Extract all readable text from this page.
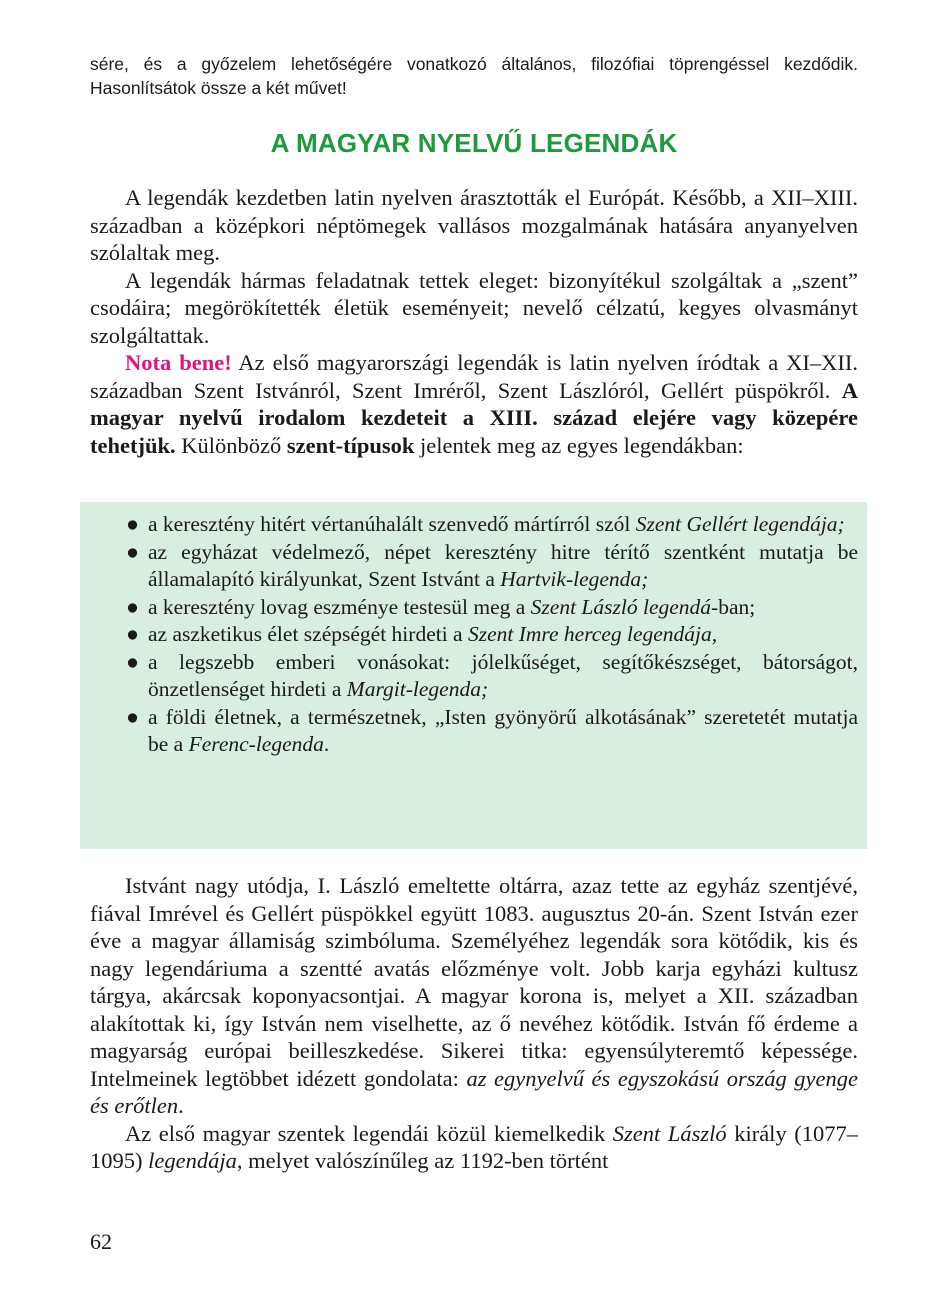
sére, és a győzelem lehetőségére vonatkozó általános, filozófiai töprengéssel kezdődik. Hasonlítsátok össze a két művet!

A MAGYAR NYELVŰ LEGENDÁK

A legendák kezdetben latin nyelven árasztották el Európát. Később, a XII–XIII. században a középkori néptömegek vallásos mozgalmának hatására anyanyelven szólaltak meg.

A legendák hármas feladatnak tettek eleget: bizonyítékul szolgáltak a „szent” csodáira; megörökítették életük eseményeit; nevelő célzatú, kegyes olvasmányt szolgáltattak.

Nota bene! Az első magyarországi legendák is latin nyelven íródtak a XI–XII. században Szent Istvánról, Szent Imréről, Szent Lászlóról, Gellért püspökről. A magyar nyelvű irodalom kezdeteit a XIII. század elejére vagy közepére tehetjük. Különböző szent-típusok jelentek meg az egyes legendákban:

● a keresztény hitért vértanúhalált szenvedő mártírról szól Szent Gellért legendája;
● az egyházat védelmező, népet keresztény hitre térítő szentként mutatja be államalapító királyunkat, Szent Istvánt a Hartvik-legenda;
● a keresztény lovag eszménye testesül meg a Szent László legendá-ban;
● az aszketikus élet szépségét hirdeti a Szent Imre herceg legendája,
● a legszebb emberi vonásokat: jólelkűséget, segítőkészséget, bátorságot, önzetlenséget hirdeti a Margit-legenda;
● a földi életnek, a természetnek, „Isten gyönyörű alkotásának” szeretetét mutatja be a Ferenc-legenda.

Istvánt nagy utódja, I. László emeltette oltárra, azaz tette az egyház szentjévé, fiával Imrével és Gellért püspökkel együtt 1083. augusztus 20-án. Szent István ezer éve a magyar államiság szimbóluma. Személyéhez legendák sora kötődik, kis és nagy legendáriuma a szentté avatás előzménye volt. Jobb karja egyházi kultusz tárgya, akárcsak koponyacsontjai. A magyar korona is, melyet a XII. században alakítottak ki, így István nem viselhette, az ő nevéhez kötődik. István fő érdeme a magyarság európai beilleszkedése. Sikerei titka: egyensúlyteremtő képessége. Intelmeinek legtöbbet idézett gondolata: az egynyelvű és egyszokású ország gyenge és erőtlen.

Az első magyar szentek legendái közül kiemelkedik Szent László király (1077–1095) legendája, melyet valószínűleg az 1192-ben történt

62
